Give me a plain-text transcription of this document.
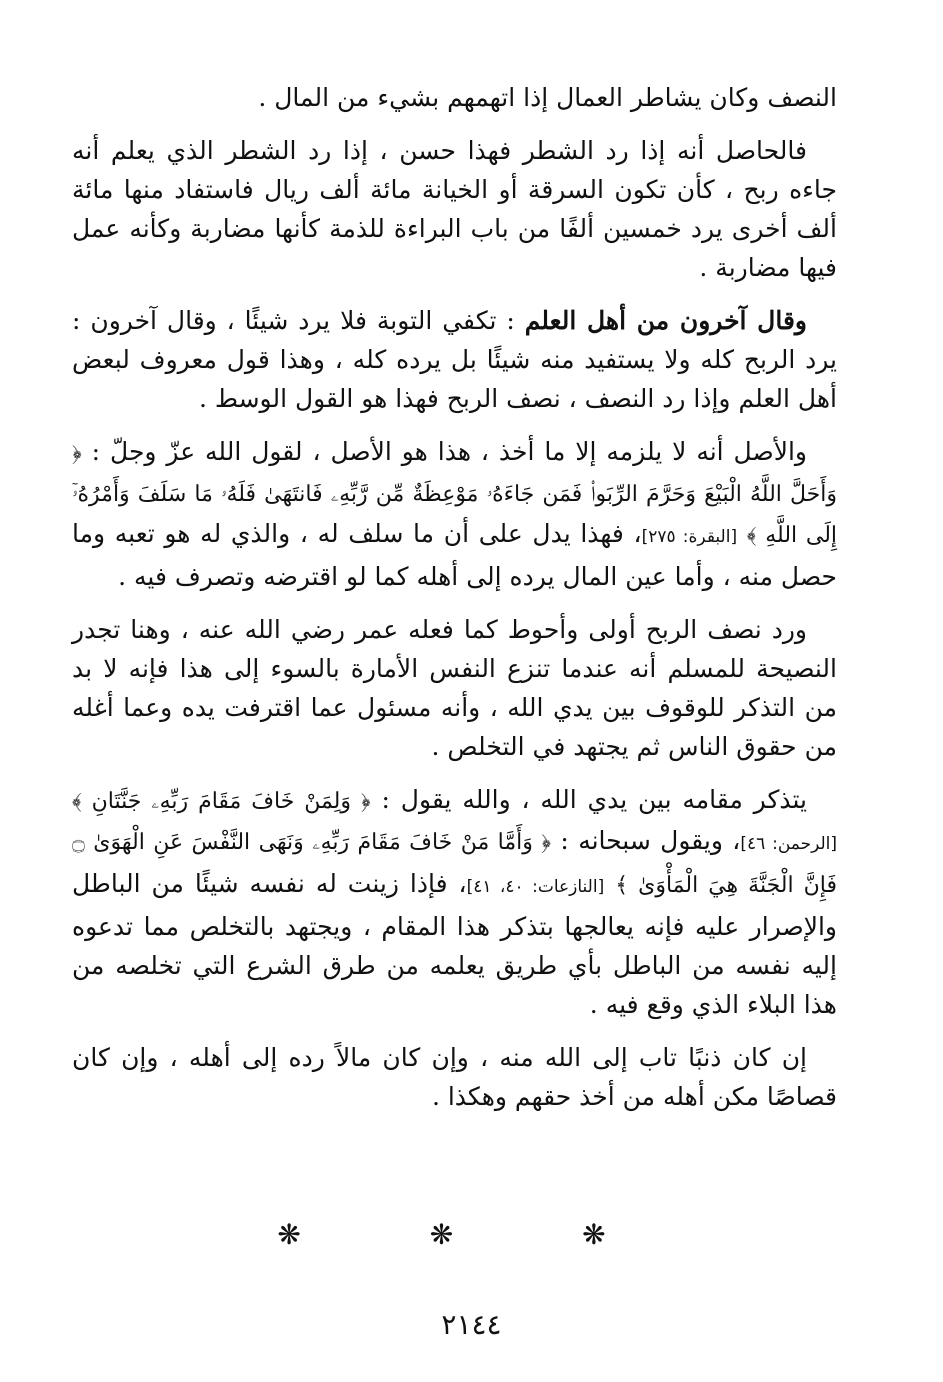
النصف وكان يشاطر العمال إذا اتهمهم بشيء من المال .

فالحاصل أنه إذا رد الشطر فهذا حسن ، إذا رد الشطر الذي يعلم أنه جاءه ربح ، كأن تكون السرقة أو الخيانة مائة ألف ريال فاستفاد منها مائة ألف أخرى يرد خمسين ألفًا من باب البراءة للذمة كأنها مضاربة وكأنه عمل فيها مضاربة .

وقال آخرون من أهل العلم : تكفي التوبة فلا يرد شيئًا ، وقال آخرون : يرد الربح كله ولا يستفيد منه شيئًا بل يرده كله ، وهذا قول معروف لبعض أهل العلم وإذا رد النصف ، نصف الربح فهذا هو القول الوسط .

والأصل أنه لا يلزمه إلا ما أخذ ، هذا هو الأصل ، لقول الله عزّ وجلّ : ﴿ وَأَحَلَّ اللَّهُ الْبَيْعَ وَحَرَّمَ الرِّبَوا۟ فَمَن جَاءَهُۥ مَوْعِظَةٌ مِّن رَّبِّهِۦ فَانتَهَىٰ فَلَهُۥ مَا سَلَفَ وَأَمْرُهُۥٓ إِلَى اللَّهِ ﴾ [البقرة: ٢٧٥]، فهذا يدل على أن ما سلف له ، والذي له هو تعبه وما حصل منه ، وأما عين المال يرده إلى أهله كما لو اقترضه وتصرف فيه .

ورد نصف الربح أولى وأحوط كما فعله عمر رضي الله عنه ، وهنا تجدر النصيحة للمسلم أنه عندما تنزع النفس الأمارة بالسوء إلى هذا فإنه لا بد من التذكر للوقوف بين يدي الله ، وأنه مسئول عما اقترفت يده وعما أغله من حقوق الناس ثم يجتهد في التخلص .

يتذكر مقامه بين يدي الله ، والله يقول : ﴿ وَلِمَنْ خَافَ مَقَامَ رَبِّهِۦ جَنَّتَانِ ﴾ [الرحمن: ٤٦]، ويقول سبحانه : ﴿ وَأَمَّا مَنْ خَافَ مَقَامَ رَبِّهِۦ وَنَهَى النَّفْسَ عَنِ الْهَوَىٰ ۝ فَإِنَّ الْجَنَّةَ هِيَ الْمَأْوَىٰ ﴾ [النازعات: ٤٠، ٤١]، فإذا زينت له نفسه شيئًا من الباطل والإصرار عليه فإنه يعالجها بتذكر هذا المقام ، ويجتهد بالتخلص مما تدعوه إليه نفسه من الباطل بأي طريق يعلمه من طرق الشرع التي تخلصه من هذا البلاء الذي وقع فيه .

إن كان ذنبًا تاب إلى الله منه ، وإن كان مالاً رده إلى أهله ، وإن كان قصاصًا مكن أهله من أخذ حقهم وهكذا .

❋ ❋ ❋
٢١٤٤
